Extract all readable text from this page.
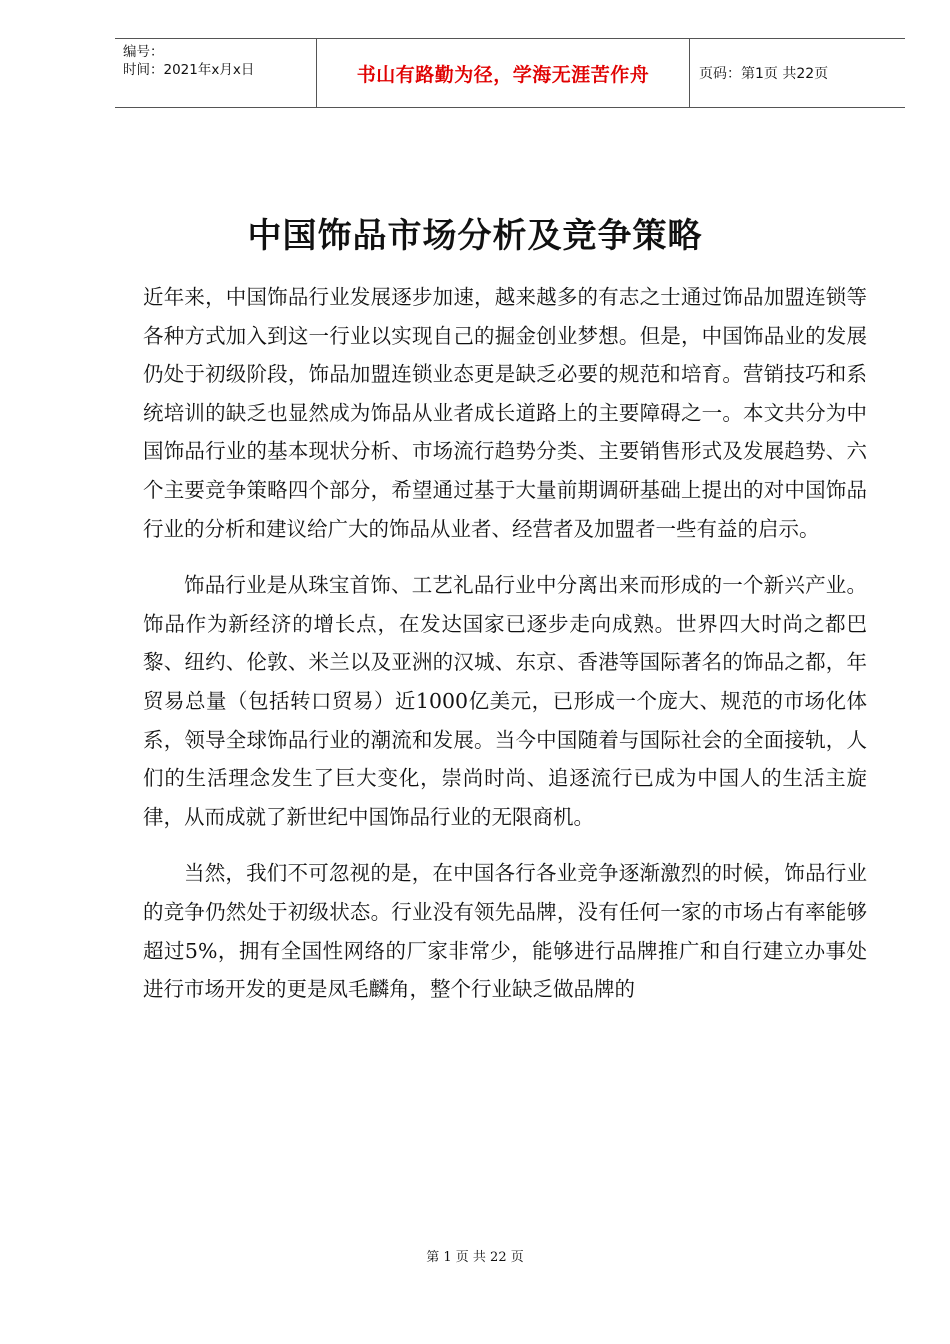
编号：
时间：2021年x月x日	书山有路勤为径，学海无涯苦作舟	页码：第1页 共22页
中国饰品市场分析及竞争策略

近年来，中国饰品行业发展逐步加速，越来越多的有志之士通过饰品加盟连锁等各种方式加入到这一行业以实现自己的掘金创业梦想。但是，中国饰品业的发展仍处于初级阶段，饰品加盟连锁业态更是缺乏必要的规范和培育。营销技巧和系统培训的缺乏也显然成为饰品从业者成长道路上的主要障碍之一。本文共分为中国饰品行业的基本现状分析、市场流行趋势分类、主要销售形式及发展趋势、六个主要竞争策略四个部分，希望通过基于大量前期调研基础上提出的对中国饰品行业的分析和建议给广大的饰品从业者、经营者及加盟者一些有益的启示。

饰品行业是从珠宝首饰、工艺礼品行业中分离出来而形成的一个新兴产业。饰品作为新经济的增长点，在发达国家已逐步走向成熟。世界四大时尚之都巴黎、纽约、伦敦、米兰以及亚洲的汉城、东京、香港等国际著名的饰品之都，年贸易总量（包括转口贸易）近1000亿美元，已形成一个庞大、规范的市场化体系，领导全球饰品行业的潮流和发展。当今中国随着与国际社会的全面接轨，人们的生活理念发生了巨大变化，崇尚时尚、追逐流行已成为中国人的生活主旋律，从而成就了新世纪中国饰品行业的无限商机。

当然，我们不可忽视的是，在中国各行各业竞争逐渐激烈的时候，饰品行业的竞争仍然处于初级状态。行业没有领先品牌，没有任何一家的市场占有率能够超过5%，拥有全国性网络的厂家非常少，能够进行品牌推广和自行建立办事处进行市场开发的更是凤毛麟角，整个行业缺乏做品牌的

第 1 页 共 22 页
